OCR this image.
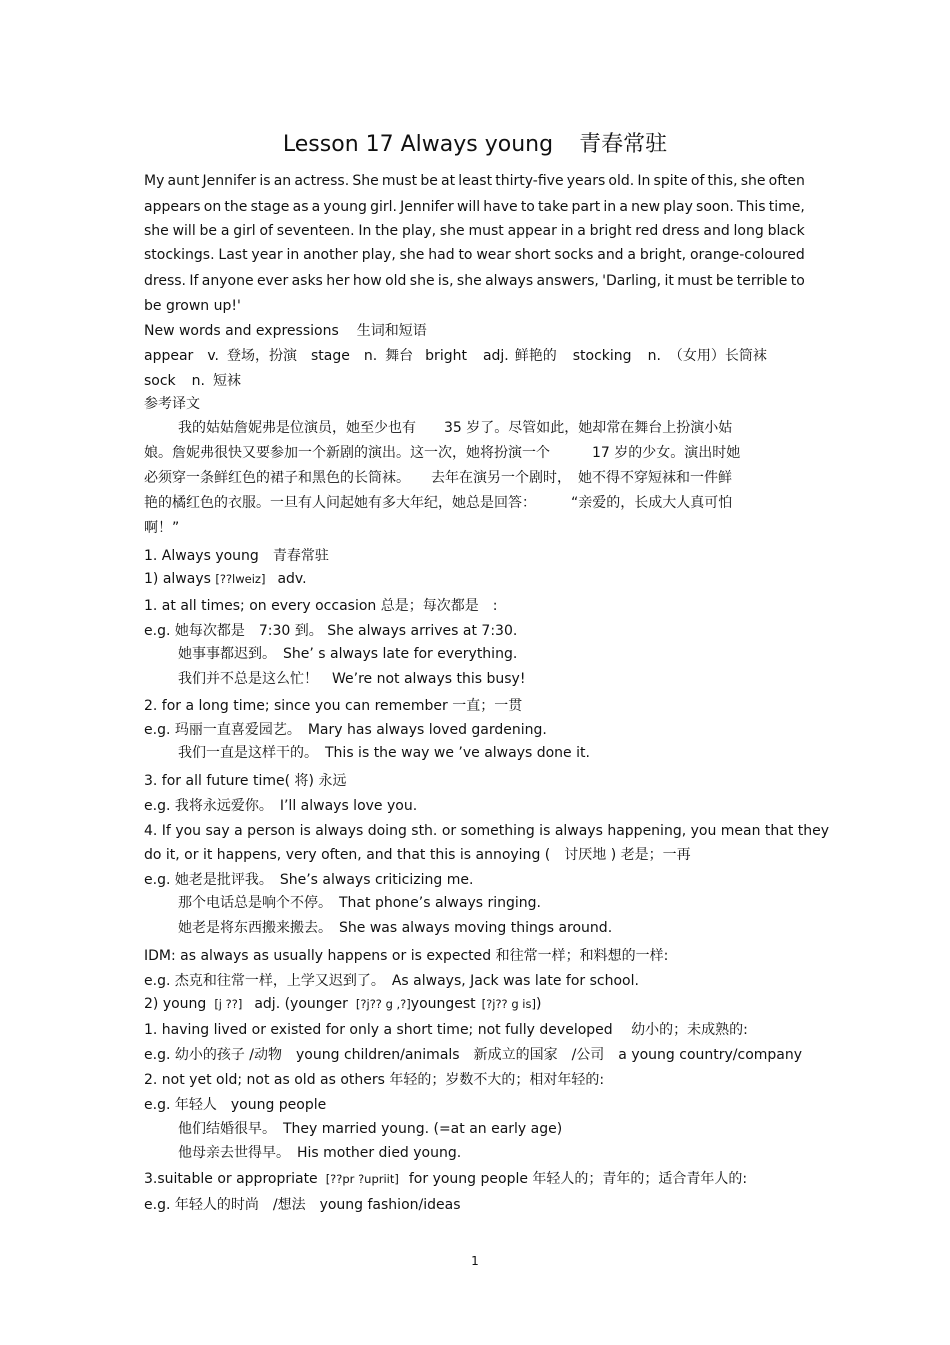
Lesson 17 Always young 青春常驻
My aunt Jennifer is an actress. She must be at least thirty-five years old. In spite of this, she often
appears on the stage as a young girl. Jennifer will have to take part in a new play soon. This time,
she will be a girl of seventeen. In the play, she must appear in a bright red dress and long black
stockings. Last year in another play, she had to wear short socks and a bright, orange-coloured
dress. If anyone ever asks her how old she is, she always answers, 'Darling, it must be terrible to
be grown up!'
New words and expressions 生词和短语
appear v. 登场，扮演 stage n. 舞台 bright adj. 鲜艳的 stocking n. （女用）长筒袜
sock n. 短袜
参考译文
我的姑姑詹妮弗是位演员，她至少也有　　35 岁了。尽管如此，她却常在舞台上扮演小姑
娘。詹妮弗很快又要参加一个新剧的演出。这一次，她将扮演一个　　　17 岁的少女。演出时她
必须穿一条鲜红色的裙子和黑色的长筒袜。　　去年在演另一个剧时，　她不得不穿短袜和一件鲜
艳的橘红色的衣服。一旦有人问起她有多大年纪，她总是回答：　　　“亲爱的，长成大人真可怕
啊！”
1. Always young　青春常驻
1) always [??lweiz] adv.
1. at all times; on every occasion 总是；每次都是　:
e.g. 她每次都是　7:30 到。 She always arrives at 7:30.
她事事都迟到。　She’ s always late for everything.
我们并不总是这么忙！　We’re not always this busy!
2. for a long time; since you can remember 一直；一贯
e.g. 玛丽一直喜爱园艺。　Mary has always loved gardening.
我们一直是这样干的。　This is the way we ’ve always done it.
3. for all future time( 将) 永远
e.g. 我将永远爱你。　I’ll always love you.
4. If you say a person is always doing sth. or something is always happening, you mean that they
do it, or it happens, very often, and that this is annoying (　讨厌地 ) 老是；一再
e.g. 她老是批评我。　She’s always criticizing me.
那个电话总是响个不停。　That phone’s always ringing.
她老是将东西搬来搬去。　She was always moving things around.
IDM: as always as usually happens or is expected 和往常一样；和料想的一样:
e.g. 杰克和往常一样，上学又迟到了。　As always, Jack was late for school.
2) young [j ??] adj. (younger [?j?? g ,?]youngest [?j?? g is])
1. having lived or existed for only a short time; not fully developed　 幼小的；未成熟的:
e.g. 幼小的孩子 /动物　young children/animals　新成立的国家　/公司　a young country/company
2. not yet old; not as old as others 年轻的；岁数不大的；相对年轻的:
e.g. 年轻人　young people
他们结婚很早。　They married young. (=at an early age)
他母亲去世得早。　His mother died young.
3.suitable or appropriate [??pr ?upriit] for young people 年轻人的；青年的；适合青年人的:
e.g. 年轻人的时尚　/想法　young fashion/ideas
1
